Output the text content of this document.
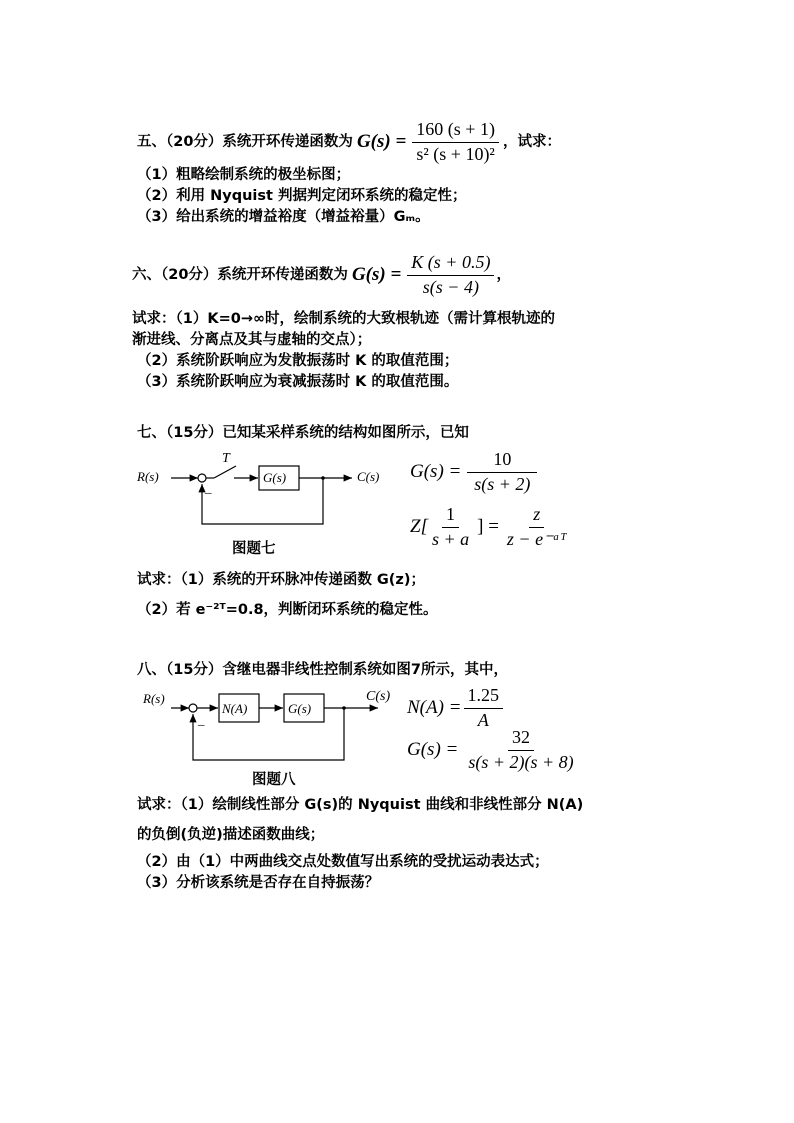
五、（20分）系统开环传递函数为 $G(s) = \frac{160 (s + 1)}{\text{s² (s + 10)²}}$ ，试求：
（1）粗略绘制系统的极坐标图；
（2）利用 Nyquist 判据判定闭环系统的稳定性；
（3）给出系统的增益裕度（增益裕量）Gₘ。
六、（20分）系统开环传递函数为 $G(s) = \frac{K (s + 0.5)}{s(s - 4)}$ ，
试求：（1）K=0→∞时，绘制系统的大致根轨迹（需计算根轨迹的
渐进线、分离点及其与虚轴的交点）；
（2）系统阶跃响应为发散振荡时 K 的取值范围；
（3）系统阶跃响应为衰减振荡时 K 的取值范围。
七、（15分）已知某采样系统的结构如图所示，已知
R(s)
T
_
G(s)	C(s)
图题七
$G(s) = \frac{10}{s(s + 2)}$
$Z[ \frac{1}{s + a}$ ] = $\frac{z}{\text{z − e⁻ᵃᵀ}}$
试求：（1）系统的开环脉冲传递函数 G(z)；
（2）若 e⁻²ᵀ=0.8，判断闭环系统的稳定性。
八、（15分）含继电器非线性控制系统如图7所示，其中，
R(s)
_
N(A)	G(s)
C(s)
图题八
$N(A) = \frac{1.25}{A}$
$G(s) = \frac{32}{s(s + 2)(s + 8)}$
试求：（1）绘制线性部分 G(s)的 Nyquist 曲线和非线性部分 N(A)
的负倒(负逆)描述函数曲线；
（2）由（1）中两曲线交点处数值写出系统的受扰运动表达式；
（3）分析该系统是否存在自持振荡？
